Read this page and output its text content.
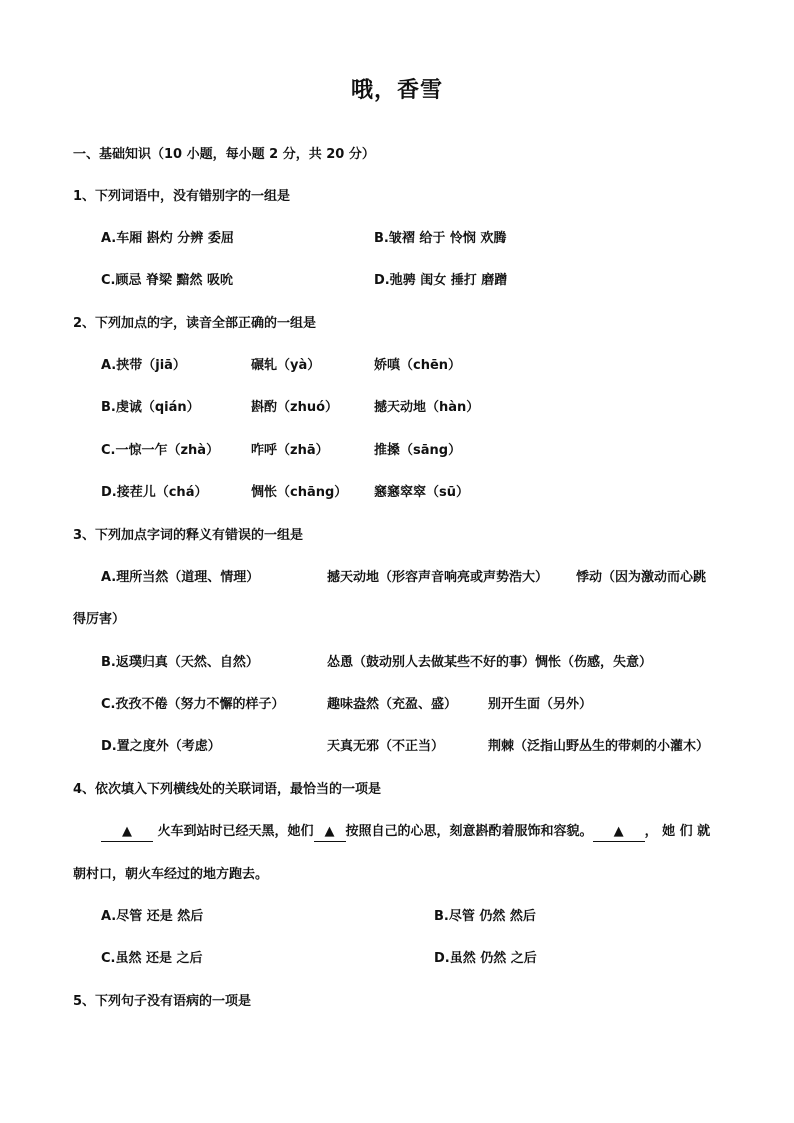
哦，香雪
一、基础知识（10 小题，每小题 2 分，共 20 分）
1、下列词语中，没有错别字的一组是
A.车厢 斟灼 分辨 委屈	B.皱褶 给于 怜悯 欢腾
C.顾忌 脊梁 黯然 吸吮	D.弛骋 闺女 捶打 磨蹭
2、下列加点的字，读音全部正确的一组是
A.挟带（jiā）	碾轧（yà）	娇嗔（chēn）
B.虔诚（qián）	斟酌（zhuó）	撼天动地（hàn）
C.一惊一乍（zhà） 咋呼（zhā）	推搡（sāng）
D.接茬儿（chá）	惆怅（chāng） 窸窸窣窣（sū）
3、下列加点字词的释义有错误的一组是
A.理所当然（道理、情理）	撼天动地（形容声音响亮或声势浩大） 悸动（因为激动而心跳
得厉害）
B.返璞归真（天然、自然）	怂恿（鼓动别人去做某些不好的事）惆怅（伤感，失意）
C.孜孜不倦（努力不懈的样子）	趣味盎然（充盈、盛） 别开生面（另外）
D.置之度外（考虑）	天真无邪（不正当）	荆棘（泛指山野丛生的带刺的小灌木）
4、依次填入下列横线处的关联词语，最恰当的一项是
▲ 火车到站时已经天黑，她们 ▲ 按照自己的心思，刻意斟酌着服饰和容貌。 ▲ ， 她 们 就
朝村口，朝火车经过的地方跑去。
A.尽管 还是 然后	B.尽管 仍然 然后
C.虽然 还是 之后	D.虽然 仍然 之后
5、下列句子没有语病的一项是
